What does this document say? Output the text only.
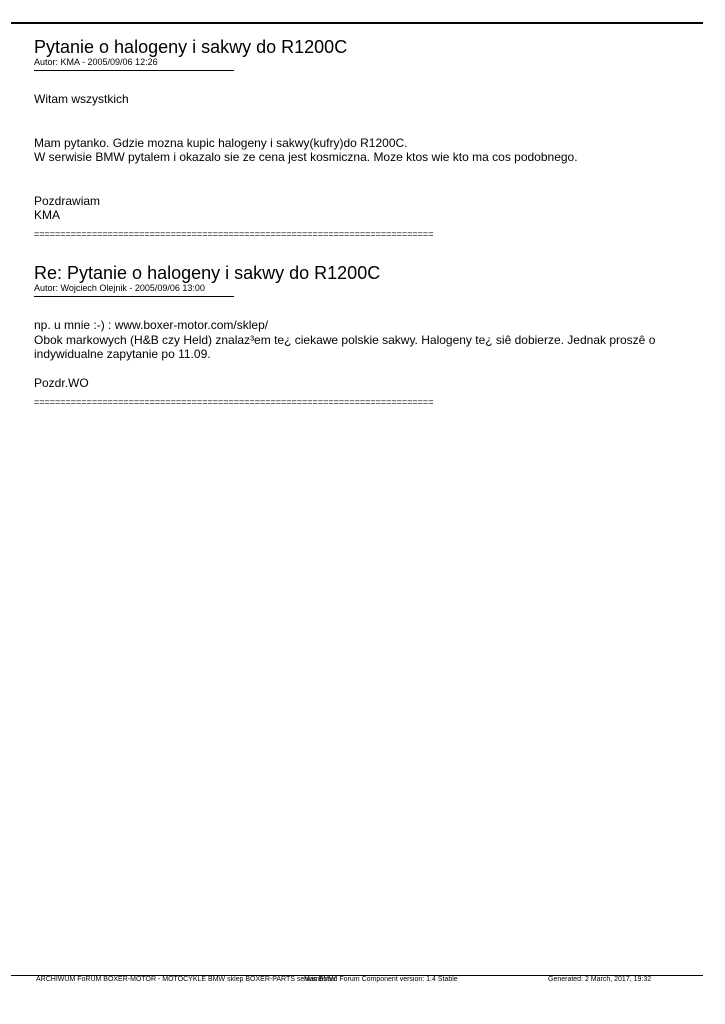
Pytanie o halogeny i sakwy do R1200C
Autor: KMA - 2005/09/06 12:26

Witam wszystkich

Mam pytanko. Gdzie mozna kupic halogeny i sakwy(kufry)do R1200C.

W serwisie BMW pytalem i okazalo sie ze cena jest kosmiczna. Moze ktos wie kto ma cos podobnego.

Pozdrawiam

KMA

============================================================================
Re: Pytanie o halogeny i sakwy do R1200C
Autor: Wojciech Olejnik - 2005/09/06 13:00

np. u mnie :-) : www.boxer-motor.com/sklep/

Obok markowych (H&B czy Held) znalaz³em te¿ ciekawe polskie sakwy. Halogeny te¿ siê dobierze. Jednak proszê o indywidualne zapytanie po 11.09.

Pozdr.WO

============================================================================
ARCHIWUM FoRUM BOXER-MOTOR - MOTOCYKLE BMW sklep BOXER-PARTS serwis BMW
Mamboard Forum Component version: 1.4 Stable	Generated: 2 March, 2017, 19:32
